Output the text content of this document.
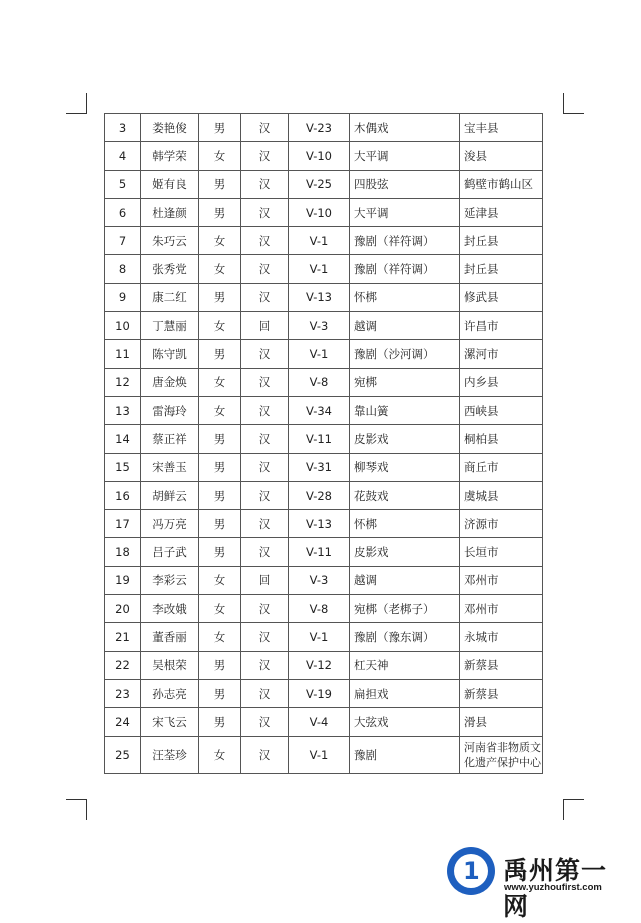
3	娄艳俊	男	汉	V-23	木偶戏	宝丰县
4	韩学荣	女	汉	V-10	大平调	浚县
5	姬有良	男	汉	V-25	四股弦	鹤壁市鹤山区
6	杜逢颜	男	汉	V-10	大平调	延津县
7	朱巧云	女	汉	V-1	豫剧（祥符调）	封丘县
8	张秀党	女	汉	V-1	豫剧（祥符调）	封丘县
9	康二红	男	汉	V-13	怀梆	修武县
10	丁慧丽	女	回	V-3	越调	许昌市
11	陈守凯	男	汉	V-1	豫剧（沙河调）	漯河市
12	唐金焕	女	汉	V-8	宛梆	内乡县
13	雷海玲	女	汉	V-34	靠山簧	西峡县
14	蔡正祥	男	汉	V-11	皮影戏	桐柏县
15	宋善玉	男	汉	V-31	柳琴戏	商丘市
16	胡鲜云	男	汉	V-28	花鼓戏	虞城县
17	冯万亮	男	汉	V-13	怀梆	济源市
18	吕子武	男	汉	V-11	皮影戏	长垣市
19	李彩云	女	回	V-3	越调	邓州市
20	李改娥	女	汉	V-8	宛梆（老梆子）	邓州市
21	董香丽	女	汉	V-1	豫剧（豫东调）	永城市
22	吴根荣	男	汉	V-12	杠天神	新蔡县
23	孙志亮	男	汉	V-19	扁担戏	新蔡县
24	宋飞云	男	汉	V-4	大弦戏	滑县
25	汪荃珍	女	汉	V-1	豫剧	河南省非物质文化遗产保护中心
1 禹州第一网
www.yuzhoufirst.com
